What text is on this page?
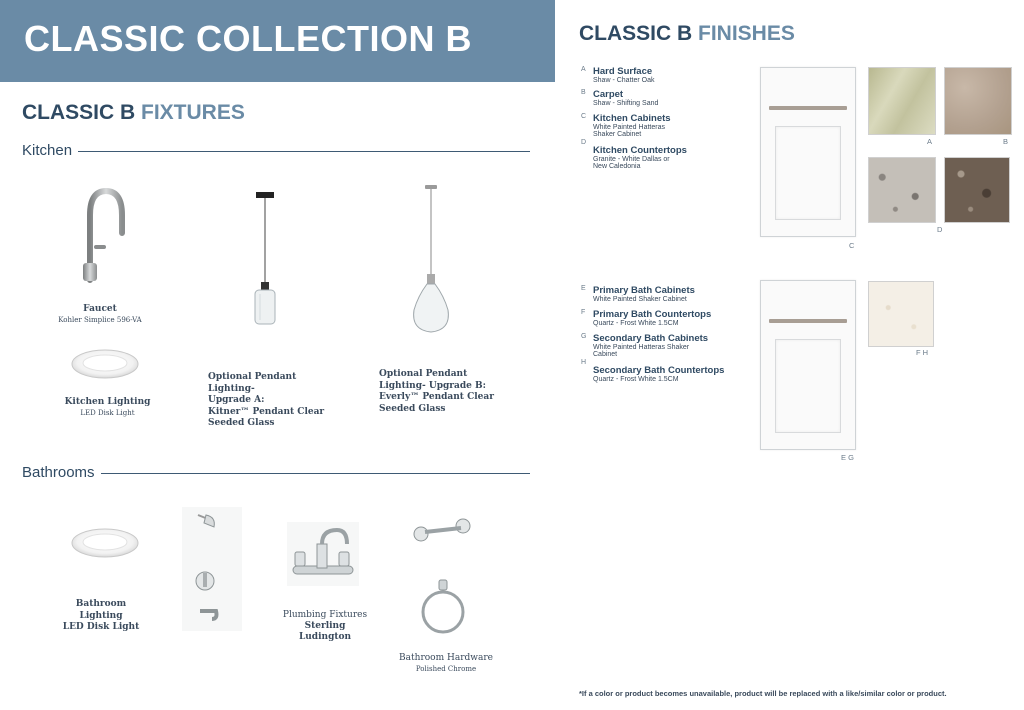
CLASSIC COLLECTION B
CLASSIC B FIXTURES
Kitchen
Faucet
Kohler Simplice 596-VA
Kitchen Lighting
LED Disk Light
Optional Pendant Lighting-
Upgrade A:
Kitner™ Pendant Clear
Seeded Glass
Optional Pendant
Lighting- Upgrade B:
Everly™ Pendant Clear
Seeded Glass
Bathrooms
Bathroom
Lighting
LED Disk Light
Plumbing Fixtures
Sterling Ludington
Bathroom Hardware
Polished Chrome
CLASSIC B FINISHES
A Hard Surface
Shaw - Chatter Oak
B Carpet
Shaw - Shifting Sand
C Kitchen Cabinets
White Painted Hatteras
Shaker Cabinet
D
Kitchen Countertops
Granite - White Dallas or
New Caledonia
C
A	B
D
E Primary Bath Cabinets
White Painted Shaker Cabinet
F Primary Bath Countertops
Quartz - Frost White 1.5CM
G Secondary Bath Cabinets
White Painted Hatteras Shaker
Cabinet
H
Secondary Bath Countertops
Quartz - Frost White 1.5CM
E G
F H
*If a color or product becomes unavailable, product will be replaced with a like/similar color or product.
